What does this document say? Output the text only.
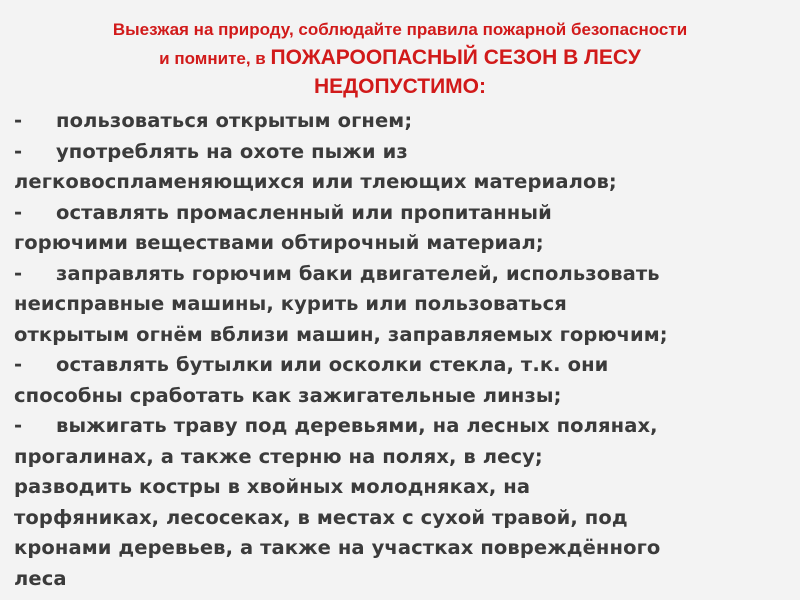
Выезжая на природу, соблюдайте правила пожарной безопасности
и помните, в ПОЖАРООПАСНЫЙ СЕЗОН В ЛЕСУ
НЕДОПУСТИМО:
- пользоваться открытым огнем;
- употреблять на охоте пыжи из
легковоспламеняющихся или тлеющих материалов;
- оставлять промасленный или пропитанный
горючими веществами обтирочный материал;
- заправлять горючим баки двигателей, использовать
неисправные машины, курить или пользоваться
открытым огнём вблизи машин, заправляемых горючим;
- оставлять бутылки или осколки стекла, т.к. они
способны сработать как зажигательные линзы;
- выжигать траву под деревьями, на лесных полянах,
прогалинах, а также стерню на полях, в лесу;
разводить костры в хвойных молодняках, на
торфяниках, лесосеках, в местах с сухой травой, под
кронами деревьев, а также на участках повреждённого
леса
